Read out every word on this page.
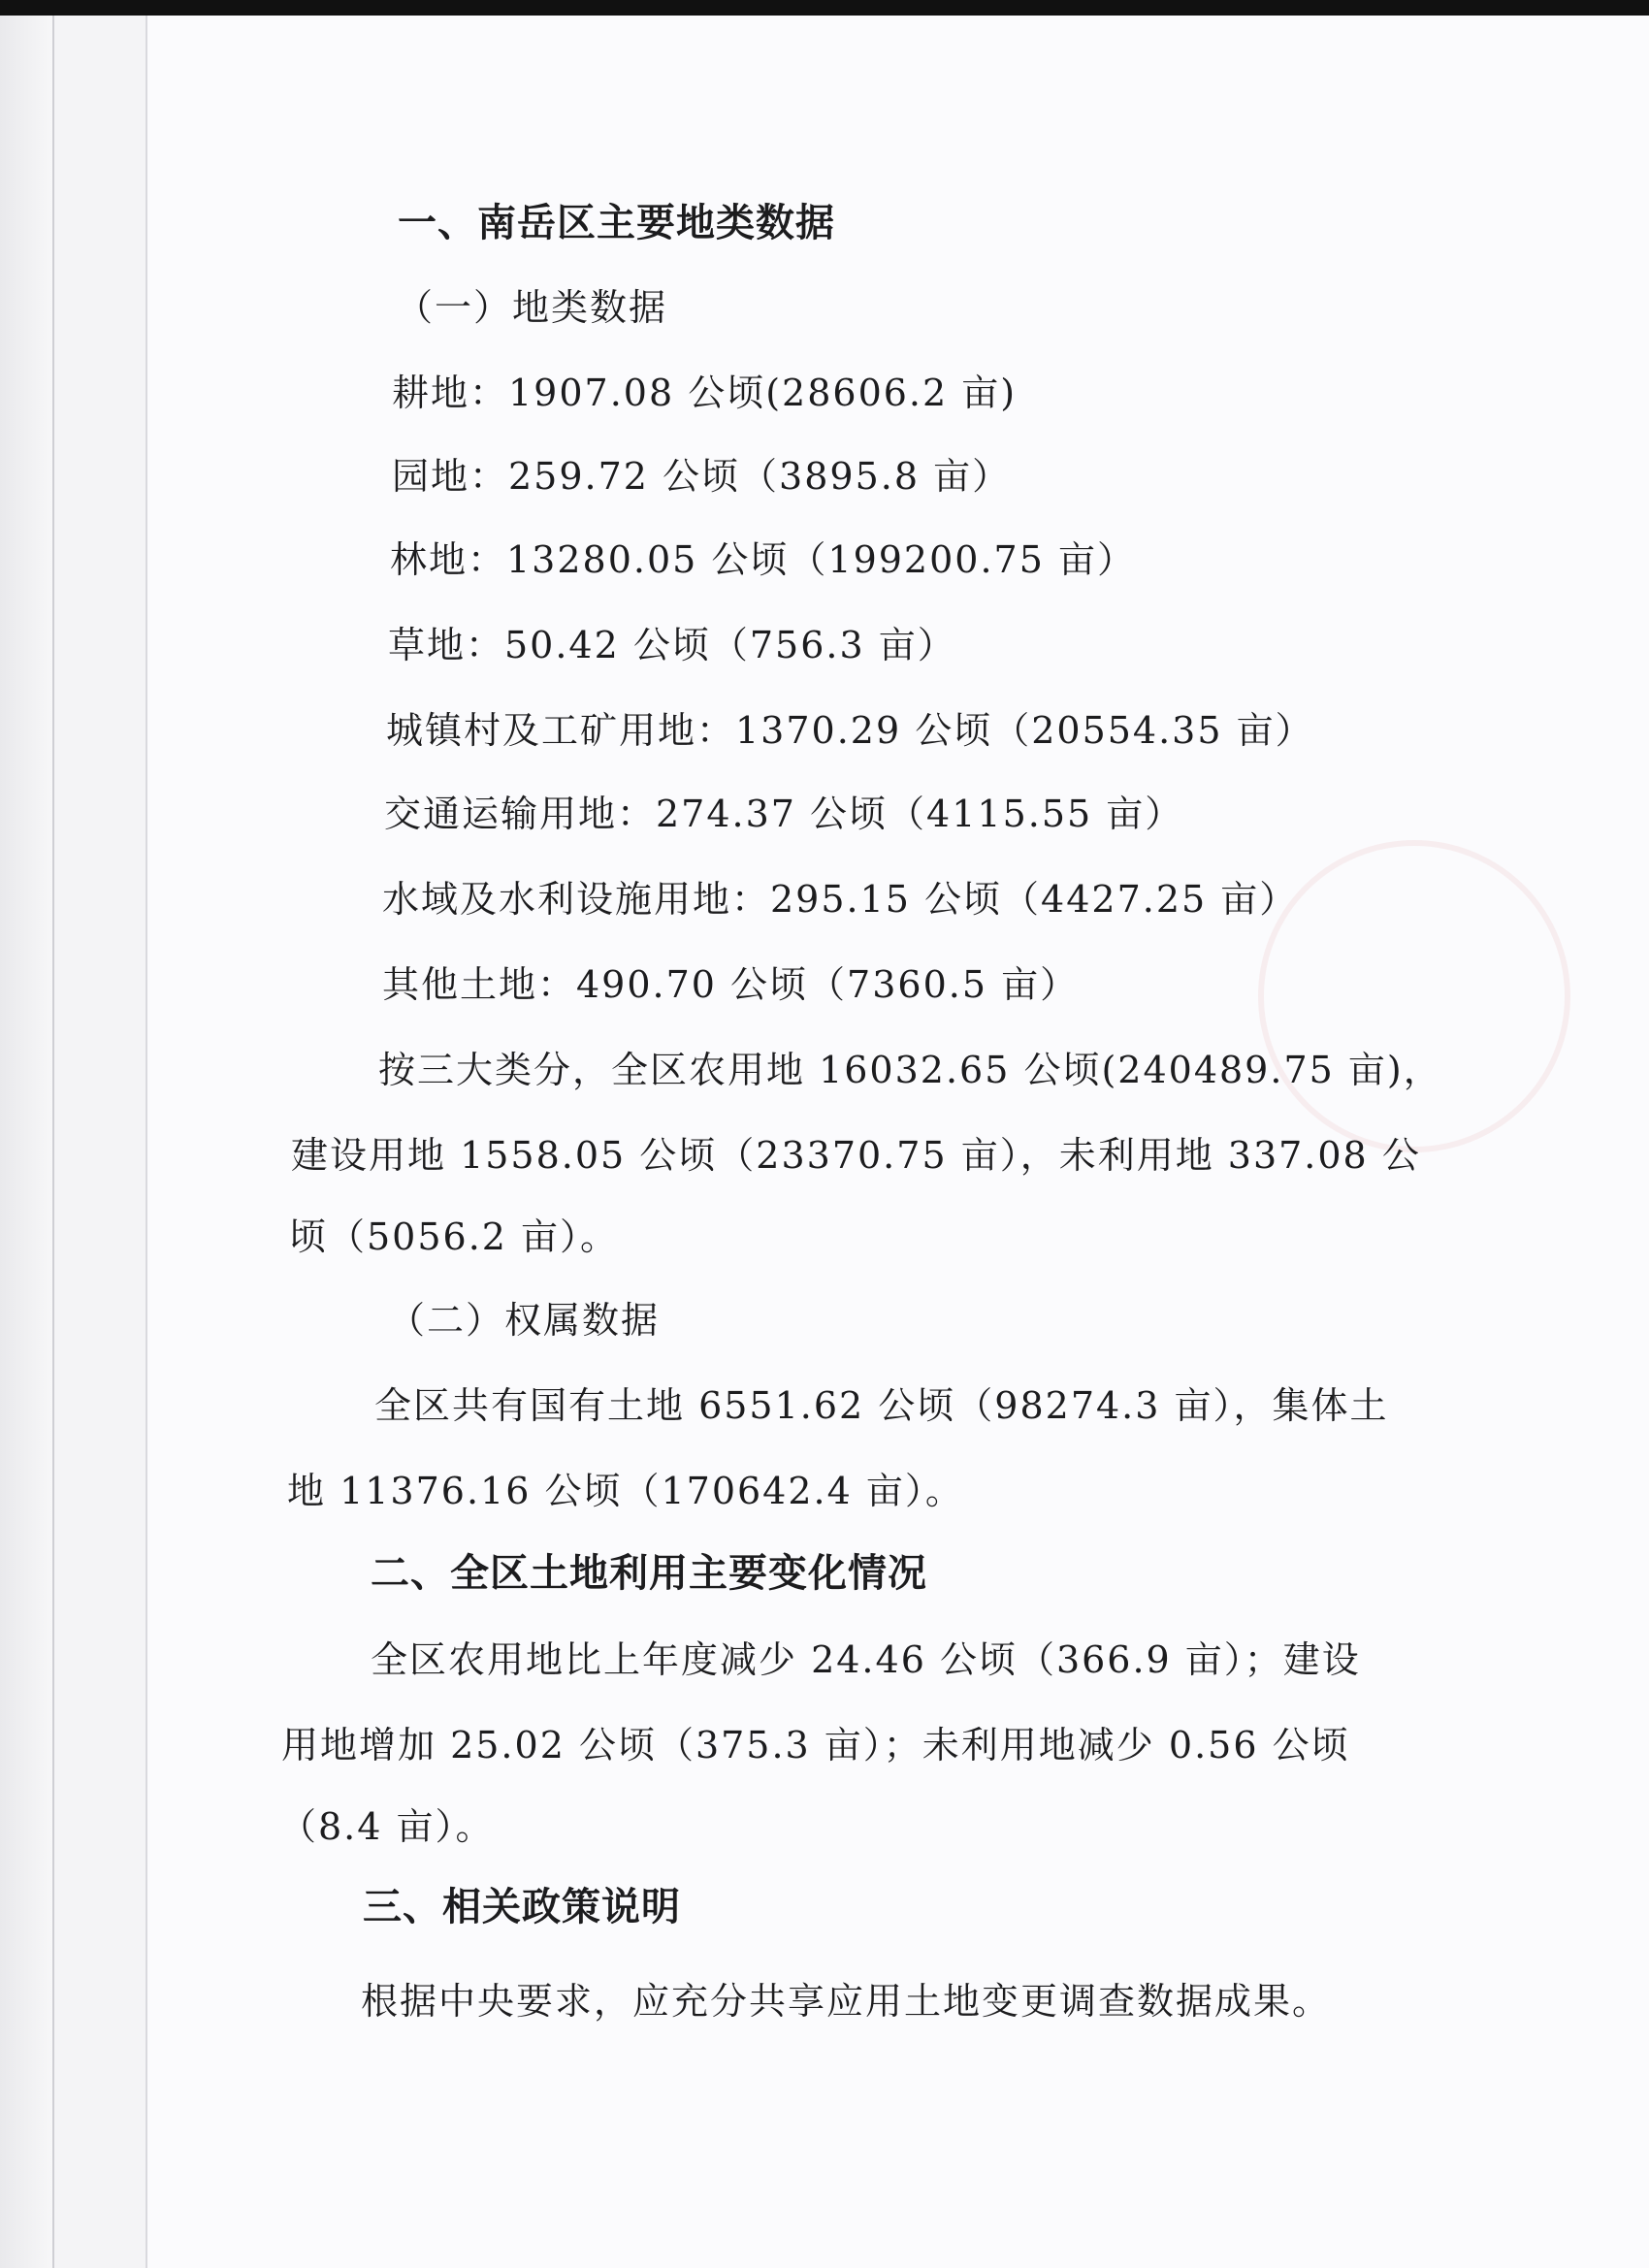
一、南岳区主要地类数据
（一）地类数据
耕地：1907.08 公顷(28606.2 亩)
园地：259.72 公顷（3895.8 亩）
林地：13280.05 公顷（199200.75 亩）
草地：50.42 公顷（756.3 亩）
城镇村及工矿用地：1370.29 公顷（20554.35 亩）
交通运输用地：274.37 公顷（4115.55 亩）
水域及水利设施用地：295.15 公顷（4427.25 亩）
其他土地：490.70 公顷（7360.5 亩）
按三大类分，全区农用地 16032.65 公顷(240489.75 亩)，
建设用地 1558.05 公顷（23370.75 亩），未利用地 337.08 公
顷（5056.2 亩）。
（二）权属数据
全区共有国有土地 6551.62 公顷（98274.3 亩），集体土
地 11376.16 公顷（170642.4 亩）。
二、全区土地利用主要变化情况
全区农用地比上年度减少 24.46 公顷（366.9 亩）；建设
用地增加 25.02 公顷（375.3 亩）；未利用地减少 0.56 公顷
（8.4 亩）。
三、相关政策说明
根据中央要求，应充分共享应用土地变更调查数据成果。
